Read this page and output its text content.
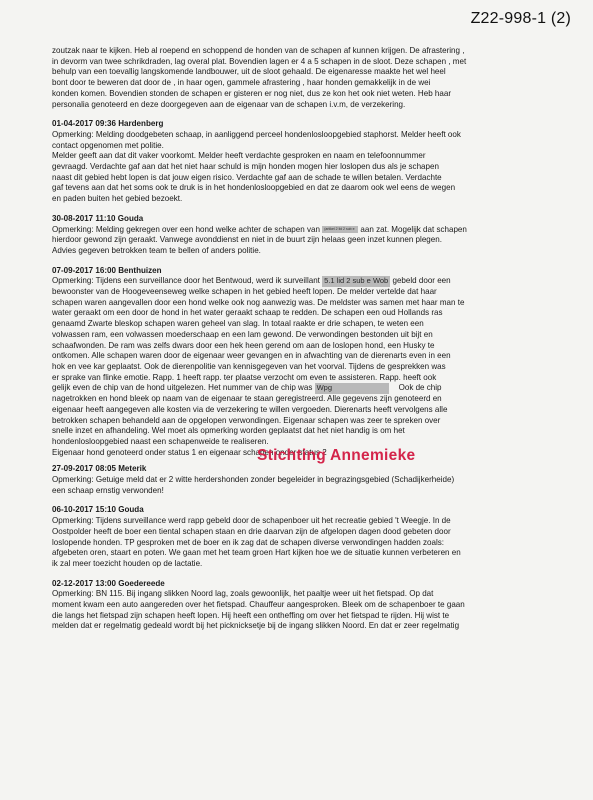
Z22-998-1 (2)

zoutzak naar te kijken. Heb al roepend en schoppend de honden van de schapen af kunnen krijgen. De afrastering ,

in devorm van twee schrikdraden, lag overal plat. Bovendien lagen er 4 a 5 schapen in de sloot. Deze schapen , met

behulp van een toevallig langskomende landbouwer, uit de sloot gehaald. De eigenaresse maakte het wel heel

bont door te beweren dat door de , in haar ogen, gammele afrastering , haar honden gemakkelijk in de wei

konden komen. Bovendien stonden de schapen er gisteren er nog niet, dus ze kon het ook niet weten. Heb haar

personalia genoteerd en deze doorgegeven aan de eigenaar van de schapen i.v.m, de verzekering.

01-04-2017 09:36 Hardenberg

Opmerking: Melding doodgebeten schaap, in aanliggend perceel hondenlosloopgebied staphorst. Melder heeft ook

contact opgenomen met politie.

Melder geeft aan dat dit vaker voorkomt. Melder heeft verdachte gesproken en naam en telefoonnummer

gevraagd. Verdachte gaf aan dat het niet haar schuld is mijn honden mogen hier loslopen dus als je schapen

naast dit gebied hebt lopen is dat jouw eigen risico. Verdachte gaf aan de schade te willen betalen. Verdachte

gaf tevens aan dat het soms ook te druk is in het hondenlosloopgebied en dat ze daarom ook wel eens de wegen

en paden buiten het gebied bezoekt.

30-08-2017 11:10 Gouda

Opmerking: Melding gekregen over een hond welke achter de schapen van (artikel 2 lid 2 sub e aan zat. Mogelijk dat schapen

hierdoor gewond zijn geraakt. Vanwege avonddienst en niet in de buurt zijn helaas geen inzet kunnen plegen.

Advies gegeven betrokken team te bellen of anders politie.

07-09-2017 16:00 Benthuizen

Opmerking: Tijdens een surveillance door het Bentwoud, werd ik surveillant 5.1 lid 2 sub e Wob gebeld door een

bewoonster van de Hoogeveenseweg welke schapen in het gebied heeft lopen. De melder vertelde dat haar

schapen waren aangevallen door een hond welke ook nog aanwezig was. De meldster was samen met haar man te

water geraakt om een door de hond in het water geraakt schaap te redden. De schapen een oud Hollands ras

genaamd Zwarte bleskop schapen waren geheel van slag. In totaal raakte er drie schapen, te weten een

volwassen ram, een volwassen moederschaap en een lam gewond. De verwondingen bestonden uit bijt en

schaafwonden. De ram was zelfs dwars door een hek heen gerend om aan de loslopen hond, een Husky te

ontkomen. Alle schapen waren door de eigenaar weer gevangen en in afwachting van de dierenarts even in een

hok en vee kar geplaatst. Ook de dierenpolitie van kennisgegeven van het voorval. Tijdens de gesprekken was

er sprake van flinke emotie. Rapp. 1 heeft rapp. ter plaatse verzocht om even te assisteren. Rapp. heeft ook

gelijk even de chip van de hond uitgelezen. Het nummer van de chip was Wpg	Ook de chip

nagetrokken en hond bleek op naam van de eigenaar te staan geregistreerd. Alle gegevens zijn genoteerd en

eigenaar heeft aangegeven alle kosten via de verzekering te willen vergoeden. Dierenarts heeft vervolgens alle

betrokken schapen behandeld aan de opgelopen verwondingen. Eigenaar schapen was zeer te spreken over

snelle inzet en afhandeling. Wel moet als opmerking worden geplaatst dat het niet handig is om het

hondenlosloopgebied naast een schapenweide te realiseren.

Eigenaar hond genoteerd onder status 1 en eigenaar schapen onder status 2

27-09-2017 08:05 Meterik
Stichting Annemieke

Opmerking: Getuige meld dat er 2 witte herdershonden zonder begeleider in begrazingsgebied (Schadijkerheide)

een schaap ernstig verwonden!

06-10-2017 15:10 Gouda

Opmerking: Tijdens surveillance werd rapp gebeld door de schapenboer uit het recreatie gebied 't Weegje. In de

Oostpolder heeft de boer een tiental schapen staan en drie daarvan zijn de afgelopen dagen dood gebeten door

loslopende honden. TP gesproken met de boer en ik zag dat de schapen diverse verwondingen hadden zoals:

afgebeten oren, staart en poten. We gaan met het team groen Hart kijken hoe we de situatie kunnen verbeteren en

ik zal meer toezicht houden op de lactatie.

02-12-2017 13:00 Goedereede

Opmerking: BN 115. Bij ingang slikken Noord lag, zoals gewoonlijk, het paaltje weer uit het fietspad. Op dat

moment kwam een auto aangereden over het fietspad. Chauffeur aangesproken. Bleek om de schapenboer te gaan

die langs het fietspad zijn schapen heeft lopen. Hij heeft een ontheffing om over het fietspad te rijden. Hij wist te

melden dat er regelmatig gedeald wordt bij het picknicksetje bij de ingang slikken Noord. En dat er zeer regelmatig
